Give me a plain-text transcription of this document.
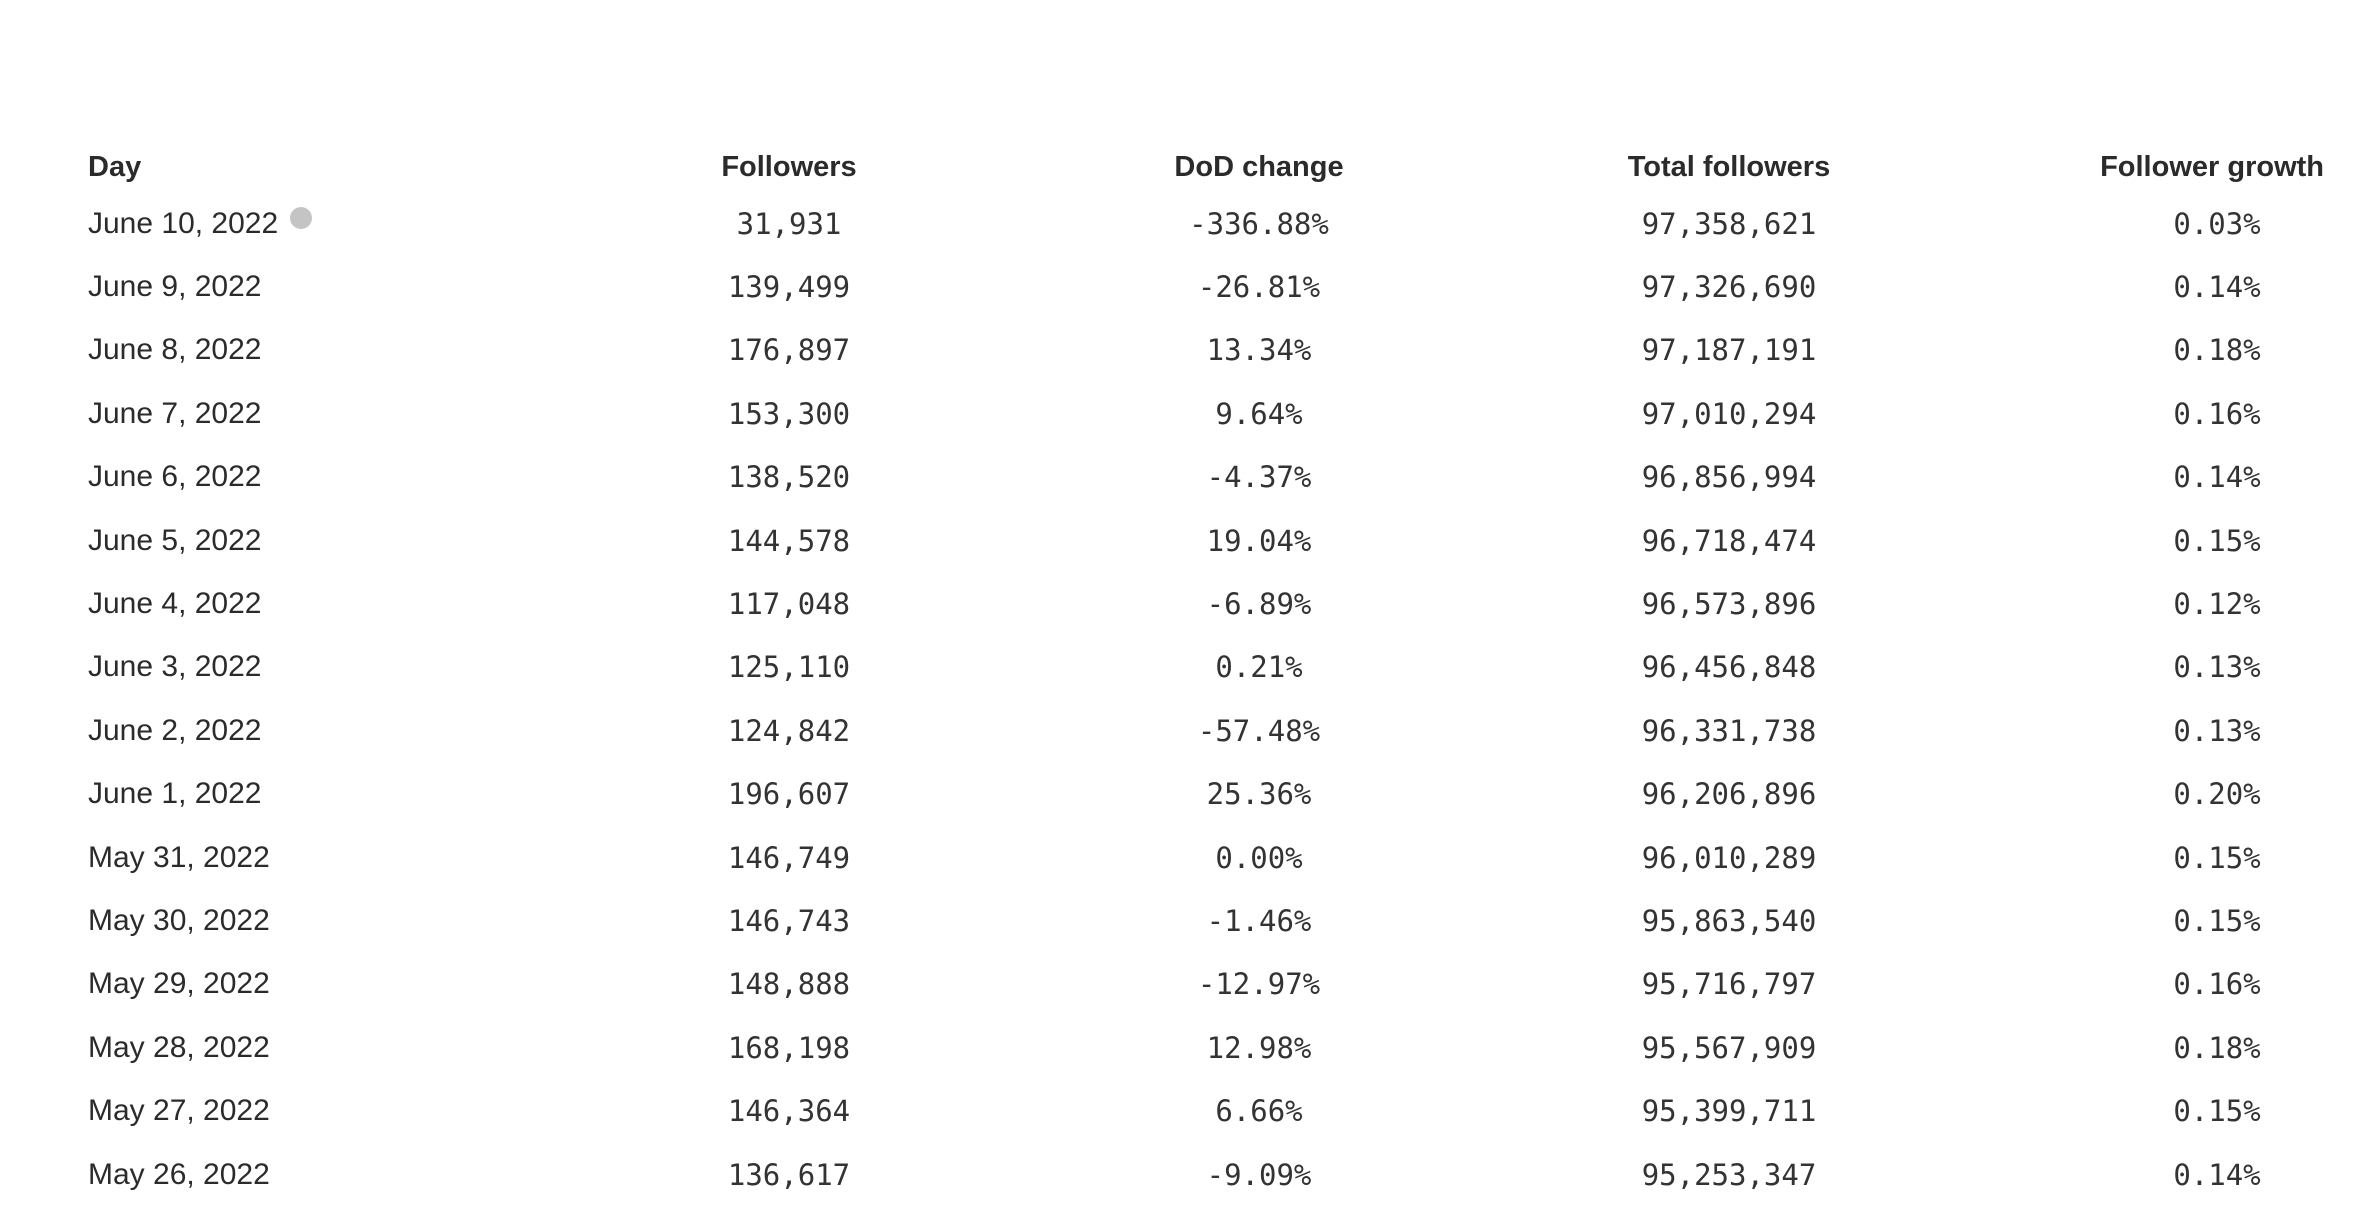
Day	Followers	DoD change	Total followers	Follower growth
June 10, 2022	31,931	-336.88%	97,358,621	0.03%

June 9, 2022	139,499	-26.81%	97,326,690	0.14%

June 8, 2022	176,897	13.34%	97,187,191	0.18%

June 7, 2022	153,300	9.64%	97,010,294	0.16%

June 6, 2022	138,520	-4.37%	96,856,994	0.14%

June 5, 2022	144,578	19.04%	96,718,474	0.15%

June 4, 2022	117,048	-6.89%	96,573,896	0.12%

June 3, 2022	125,110	0.21%	96,456,848	0.13%

June 2, 2022	124,842	-57.48%	96,331,738	0.13%

June 1, 2022	196,607	25.36%	96,206,896	0.20%

May 31, 2022	146,749	0.00%	96,010,289	0.15%

May 30, 2022	146,743	-1.46%	95,863,540	0.15%

May 29, 2022	148,888	-12.97%	95,716,797	0.16%

May 28, 2022	168,198	12.98%	95,567,909	0.18%

May 27, 2022	146,364	6.66%	95,399,711	0.15%

May 26, 2022	136,617	-9.09%	95,253,347	0.14%
